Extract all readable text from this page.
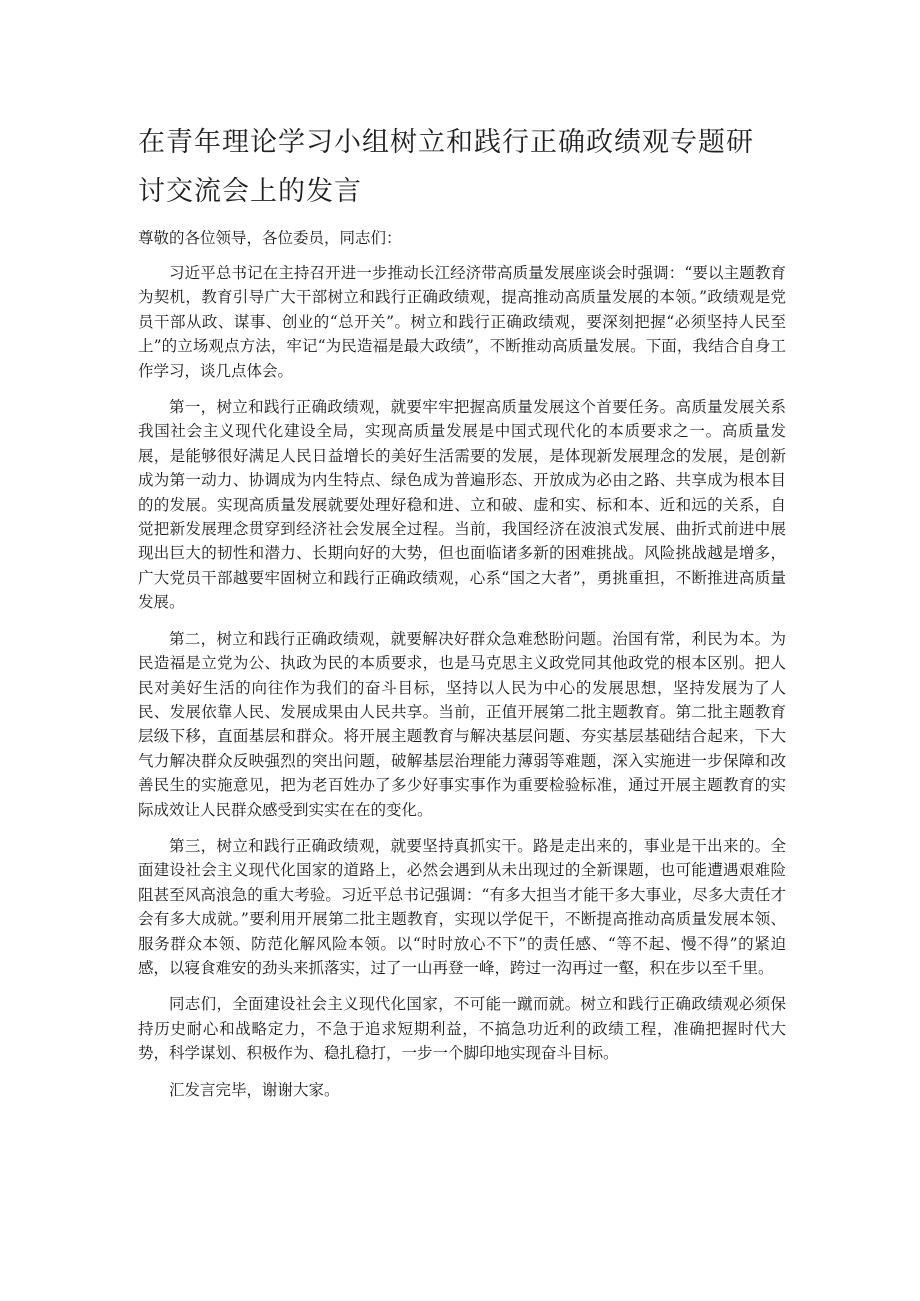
在青年理论学习小组树立和践行正确政绩观专题研
讨交流会上的发言

尊敬的各位领导，各位委员，同志们：

习近平总书记在主持召开进一步推动长江经济带高质量发展座谈会时强调：“要以主题教育为契机，教育引导广大干部树立和践行正确政绩观，提高推动高质量发展的本领。”政绩观是党员干部从政、谋事、创业的“总开关”。树立和践行正确政绩观，要深刻把握“必须坚持人民至上”的立场观点方法，牢记“为民造福是最大政绩”，不断推动高质量发展。下面，我结合自身工作学习，谈几点体会。

第一，树立和践行正确政绩观，就要牢牢把握高质量发展这个首要任务。高质量发展关系我国社会主义现代化建设全局，实现高质量发展是中国式现代化的本质要求之一。高质量发展，是能够很好满足人民日益增长的美好生活需要的发展，是体现新发展理念的发展，是创新成为第一动力、协调成为内生特点、绿色成为普遍形态、开放成为必由之路、共享成为根本目的的发展。实现高质量发展就要处理好稳和进、立和破、虚和实、标和本、近和远的关系，自觉把新发展理念贯穿到经济社会发展全过程。当前，我国经济在波浪式发展、曲折式前进中展现出巨大的韧性和潜力、长期向好的大势，但也面临诸多新的困难挑战。风险挑战越是增多，广大党员干部越要牢固树立和践行正确政绩观，心系“国之大者”，勇挑重担，不断推进高质量发展。

第二，树立和践行正确政绩观，就要解决好群众急难愁盼问题。治国有常，利民为本。为民造福是立党为公、执政为民的本质要求，也是马克思主义政党同其他政党的根本区别。把人民对美好生活的向往作为我们的奋斗目标，坚持以人民为中心的发展思想，坚持发展为了人民、发展依靠人民、发展成果由人民共享。当前，正值开展第二批主题教育。第二批主题教育层级下移，直面基层和群众。将开展主题教育与解决基层问题、夯实基层基础结合起来，下大气力解决群众反映强烈的突出问题，破解基层治理能力薄弱等难题，深入实施进一步保障和改善民生的实施意见，把为老百姓办了多少好事实事作为重要检验标准，通过开展主题教育的实际成效让人民群众感受到实实在在的变化。

第三，树立和践行正确政绩观，就要坚持真抓实干。路是走出来的，事业是干出来的。全面建设社会主义现代化国家的道路上，必然会遇到从未出现过的全新课题，也可能遭遇艰难险阻甚至风高浪急的重大考验。习近平总书记强调：“有多大担当才能干多大事业，尽多大责任才会有多大成就。”要利用开展第二批主题教育，实现以学促干，不断提高推动高质量发展本领、服务群众本领、防范化解风险本领。以“时时放心不下”的责任感、“等不起、慢不得”的紧迫感，以寝食难安的劲头来抓落实，过了一山再登一峰，跨过一沟再过一壑，积在步以至千里。

同志们，全面建设社会主义现代化国家，不可能一蹴而就。树立和践行正确政绩观必须保持历史耐心和战略定力，不急于追求短期利益，不搞急功近利的政绩工程，准确把握时代大势，科学谋划、积极作为、稳扎稳打，一步一个脚印地实现奋斗目标。

汇发言完毕，谢谢大家。
